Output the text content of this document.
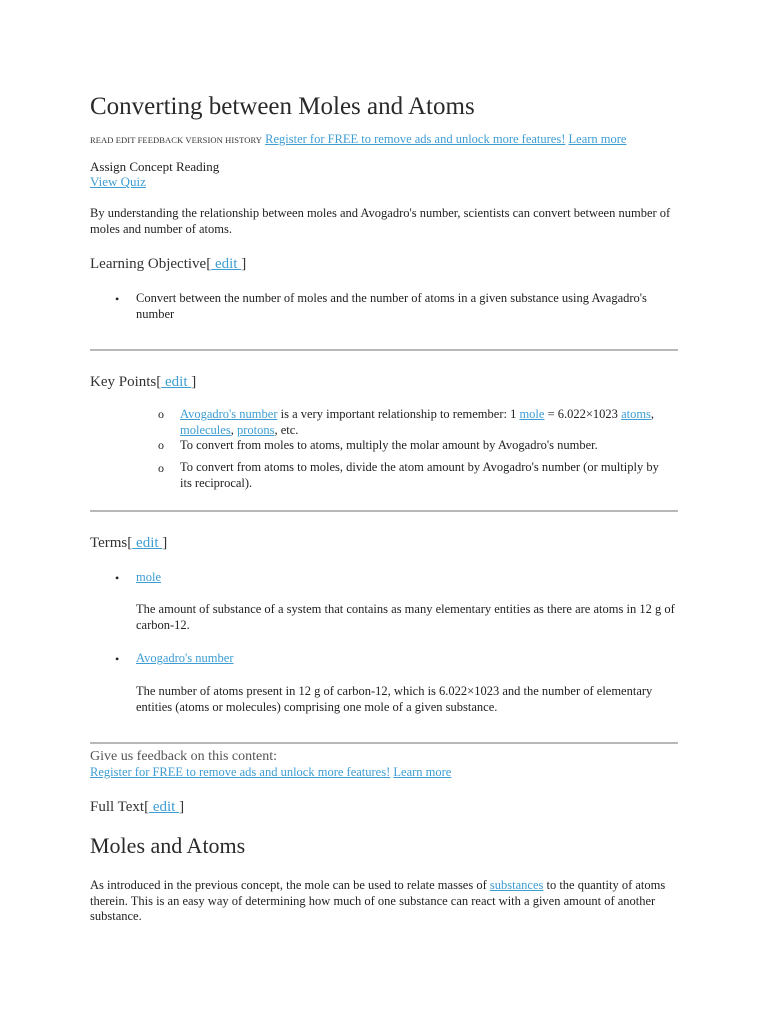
Converting between Moles and Atoms
READ EDIT FEEDBACK VERSION HISTORY Register for FREE to remove ads and unlock more features! Learn more
Assign Concept Reading
View Quiz
By understanding the relationship between moles and Avogadro's number, scientists can convert between number of moles and number of atoms.
Learning Objective[ edit ]
• Convert between the number of moles and the number of atoms in a given substance using Avagadro's number
Key Points[ edit ]
o Avogadro's number is a very important relationship to remember: 1 mole = 6.022×1023 atoms,
molecules, protons, etc.
o To convert from moles to atoms, multiply the molar amount by Avogadro's number.
o To convert from atoms to moles, divide the atom amount by Avogadro's number (or multiply by its reciprocal).
Terms[ edit ]
• mole
The amount of substance of a system that contains as many elementary entities as there are atoms in 12 g of carbon-12.
• Avogadro's number
The number of atoms present in 12 g of carbon-12, which is 6.022×1023 and the number of elementary entities (atoms or molecules) comprising one mole of a given substance.
Give us feedback on this content:
Register for FREE to remove ads and unlock more features! Learn more
Full Text[ edit ]
Moles and Atoms
As introduced in the previous concept, the mole can be used to relate masses of substances to the quantity of atoms therein. This is an easy way of determining how much of one substance can react with a given amount of another substance.
